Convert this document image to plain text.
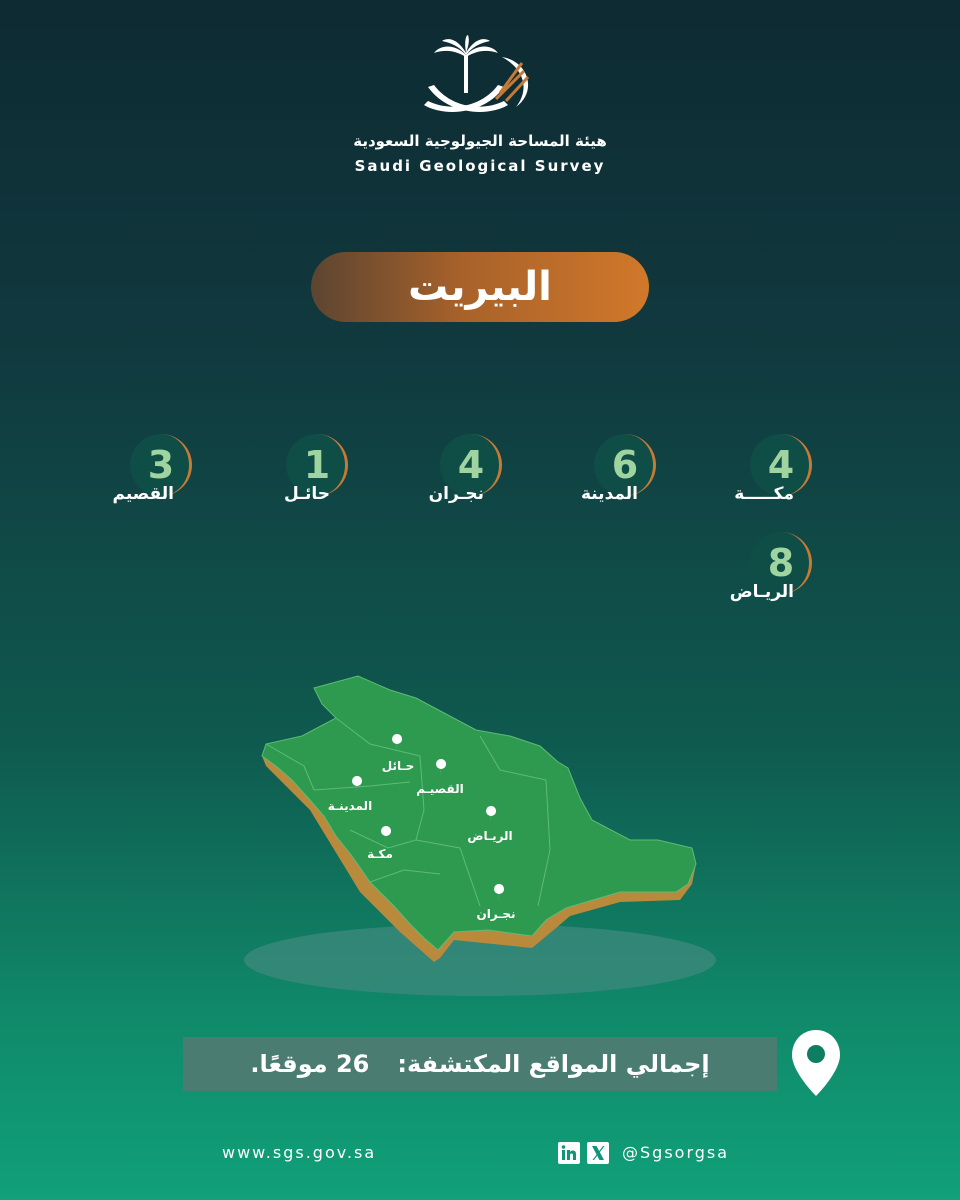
هيئة المساحة الجيولوجية السعودية
Saudi Geological Survey
البيريت
4
مكـــــة
6
المدينة
4
نجـران
1
حائـل
3
القصيم
8
الريـاض
حـائل
القصيـم
المدينـة
مكـة
الريـاض
نجـران
إجمالي المواقع المكتشفة:
26 موقعًا.
www.sgs.gov.sa	@Sgsorgsa
